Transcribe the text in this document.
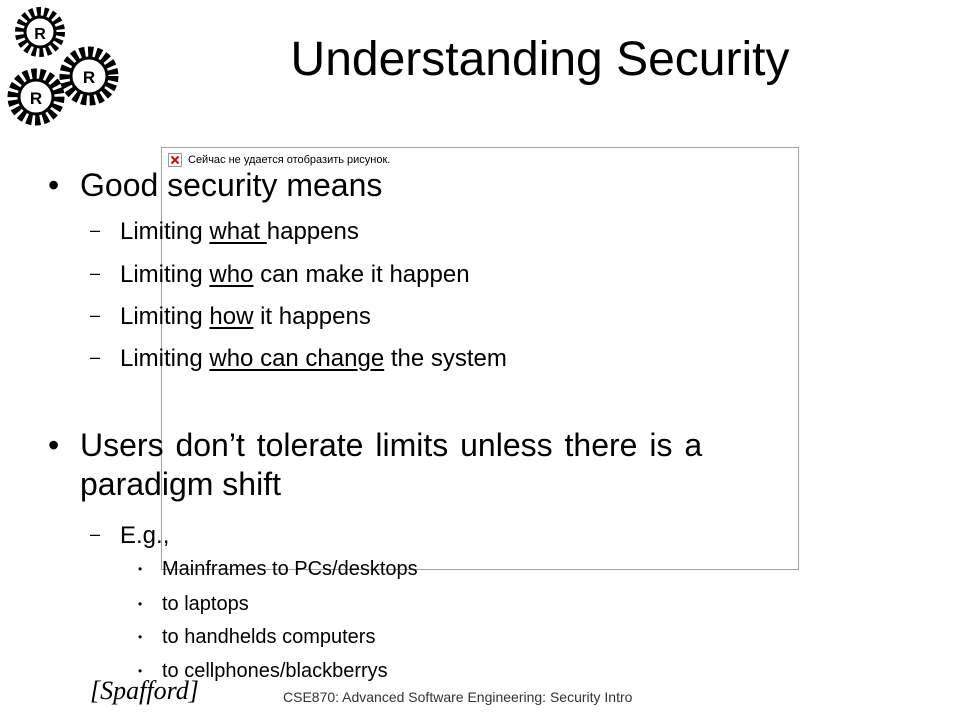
R
R
R
Understanding Security
Сейчас не удается отобразить рисунок.
• Good security means
– Limiting what happens
– Limiting who can make it happen
– Limiting how it happens
– Limiting who can change the system
• Users don’t tolerate limits unless there is a
paradigm shift
– E.g.,
• Mainframes to PCs/desktops
• to laptops
• to handhelds computers
• to cellphones/blackberrys
[Spafford]	CSE870: Advanced Software Engineering: Security Intro
